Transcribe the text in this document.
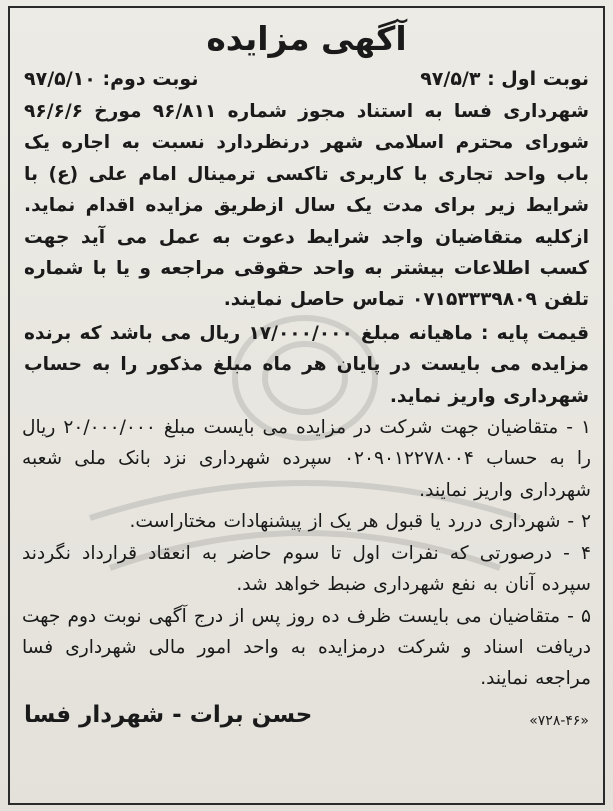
آگهی مزایده
نوبت اول : ۹۷/۵/۳
نوبت دوم: ۹۷/۵/۱۰

شهرداری فسا به استناد مجوز شماره ۹۶/۸۱۱ مورخ ۹۶/۶/۶ شورای محترم اسلامی شهر درنظردارد نسبت به اجاره یک باب واحد تجاری با کاربری تاکسی ترمینال امام علی (ع) با شرایط زیر برای مدت یک سال ازطریق مزایده اقدام نماید. ازکلیه متقاضیان واجد شرایط دعوت به عمل می آید جهت کسب اطلاعات بیشتر به واحد حقوقی مراجعه و یا با شماره تلفن ۰۷۱۵۳۳۳۹۸۰۹ تماس حاصل نمایند.

قیمت پایه : ماهیانه مبلغ ۱۷/۰۰۰/۰۰۰ ریال می باشد که برنده مزایده می بایست در پایان هر ماه مبلغ مذکور را به حساب شهرداری واریز نماید.

۱ - متقاضیان جهت شرکت در مزایده می بایست مبلغ ۲۰/۰۰۰/۰۰۰ ریال را به حساب ۰۲۰۹۰۱۲۲۷۸۰۰۴ سپرده شهرداری نزد بانک ملی شعبه شهرداری واریز نمایند.

۲ - شهرداری دررد یا قبول هر یک از پیشنهادات مختاراست.

۴ - درصورتی که نفرات اول تا سوم حاضر به انعقاد قرارداد نگردند سپرده آنان به نفع شهرداری ضبط خواهد شد.

۵ - متقاضیان می بایست ظرف ده روز پس از درج آگهی نوبت دوم جهت دریافت اسناد و شرکت درمزایده به واحد امور مالی شهرداری فسا مراجعه نمایند.

«۷۲۸-۴۶»
حسن برات - شهردار فسا
